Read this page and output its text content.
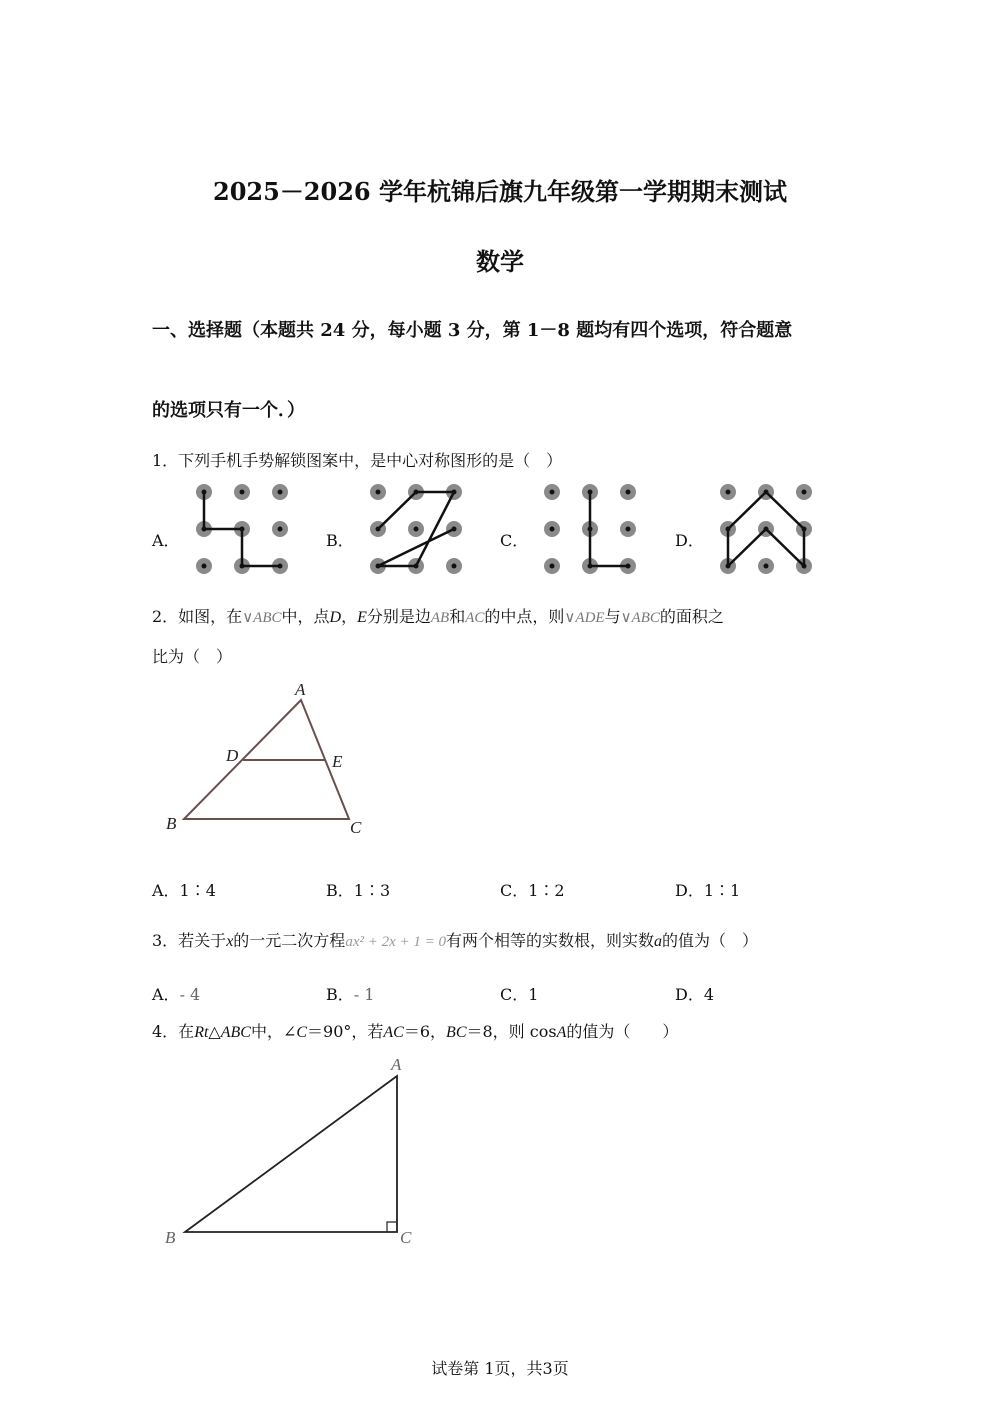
2025－2026 学年杭锦后旗九年级第一学期期末测试
数学
一、选择题（本题共 24 分，每小题 3 分，第 1－8 题均有四个选项，符合题意
的选项只有一个．）
1．下列手机手势解锁图案中，是中心对称图形的是（　）
A．	B．	C．	D．
2．如图，在∨ABC中，点D，E分别是边AB和AC的中点，则∨ADE与∨ABC的面积之
比为（　）
A
D	E
B	C
A．1∶4	B．1∶3	C．1∶2	D．1∶1
3．若关于x的一元二次方程ax² + 2x + 1 = 0有两个相等的实数根，则实数a的值为（　）
A．- 4	B．- 1	C．1	D．4
4．在Rt△ABC中，∠C＝90°，若AC＝6，BC＝8，则 cosA的值为（　　）
A
B	C
试卷第 1页，共3页
